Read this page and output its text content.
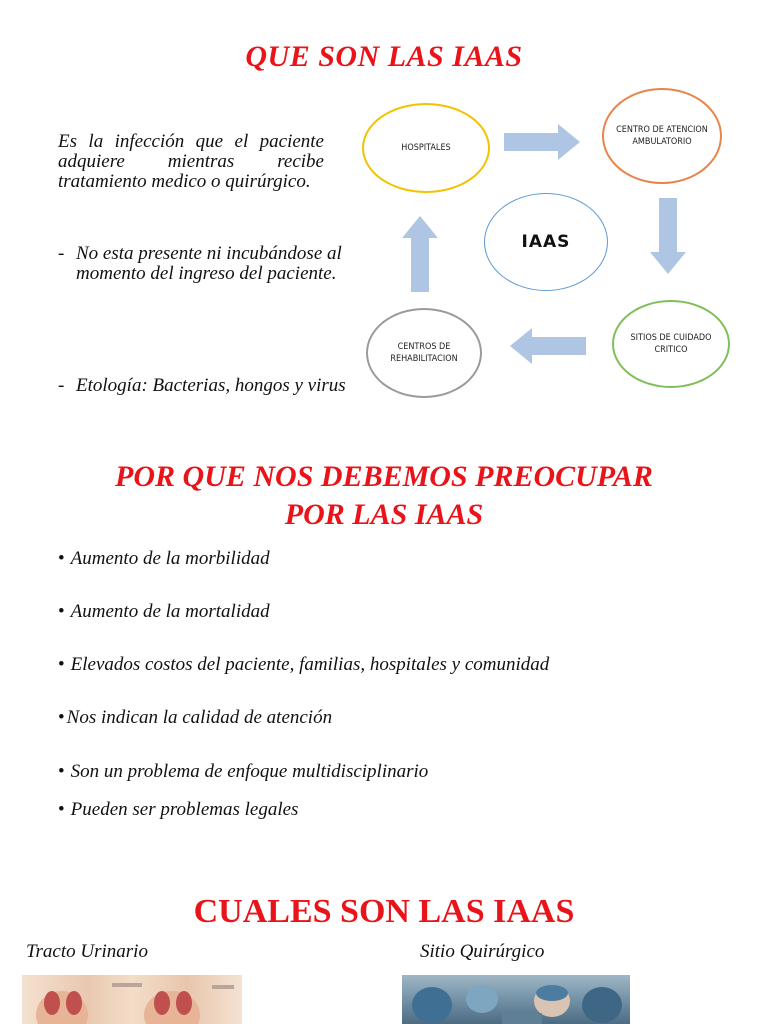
QUE SON LAS IAAS
Es la infección que el paciente adquiere mientras recibe tratamiento medico o quirúrgico.
- No esta presente ni incubándose al momento del ingreso del paciente.
- Etología: Bacterias, hongos y virus
HOSPITALES
CENTRO DE ATENCION AMBULATORIO
SITIOS DE CUIDADO CRITICO
CENTROS DE REHABILITACION
IAAS
POR QUE NOS DEBEMOS PREOCUPAR
POR LAS IAAS
• Aumento de la morbilidad
• Aumento de la mortalidad
• Elevados costos del paciente, familias, hospitales y comunidad
• Nos indican la calidad de atención
• Son un problema de enfoque multidisciplinario
• Pueden ser problemas legales
CUALES SON LAS IAAS
Tracto Urinario	Sitio Quirúrgico
